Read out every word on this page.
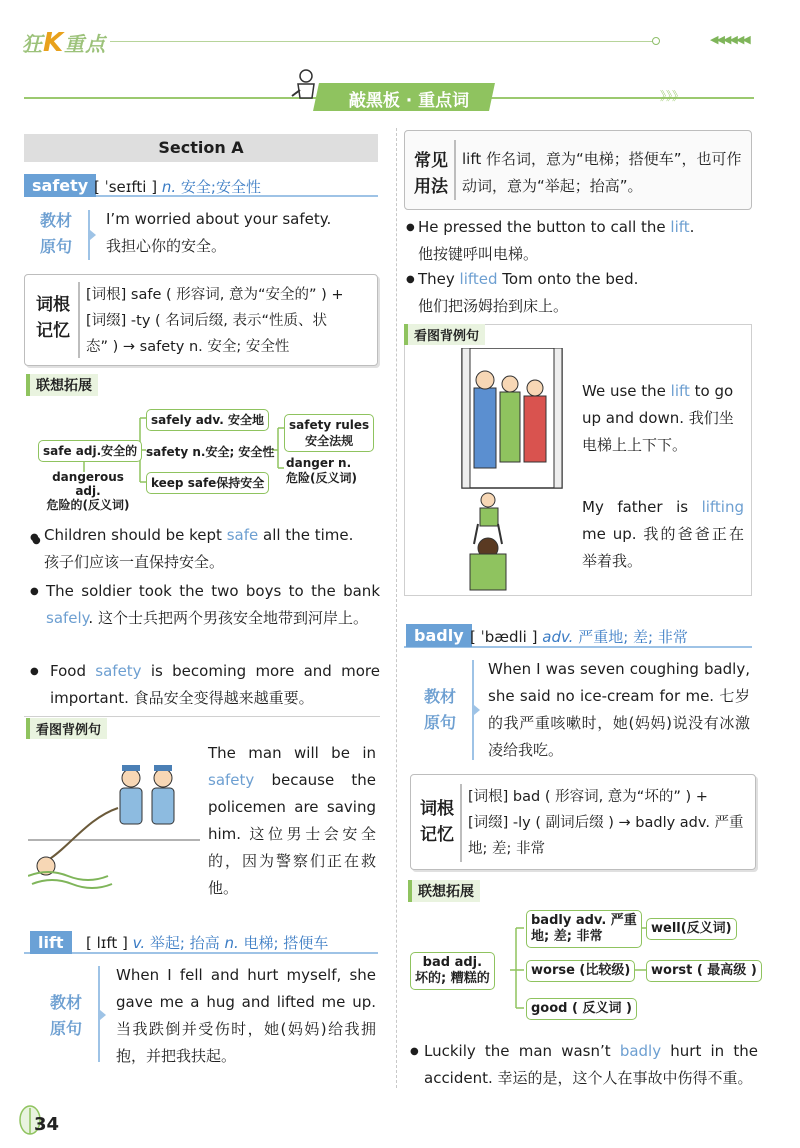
狂K重点	◀◀◀◀◀◀
敲黑板 · 重点词	》》》
Section A
safety [ ˈseɪfti ] n. 安全;安全性
教材
原句
I’m worried about your safety.
我担心你的安全。
词根
记忆
[词根] safe ( 形容词, 意为“安全的” ) +
[词缀] -ty ( 名词后缀, 表示“性质、状
态” ) → safety n. 安全; 安全性
联想拓展
safe adj.安全的
dangerous adj.
危险的(反义词)
safely adv. 安全地
safety n.安全; 安全性
keep safe保持安全
safety rules
安全法规
danger n.
危险(反义词)
Children should be kept safe all the time.
孩子们应该一直保持安全。
●
The soldier took the two boys to the bank safely. 这个士兵把两个男孩安全地带到河岸上。
●
Food safety is becoming more and more important. 食品安全变得越来越重要。
●
看图背例句
The man will be in safety because the policemen are saving him. 这位男士会安全的，因为警察们正在救他。
lift	[ lɪft ] v. 举起; 抬高 n. 电梯; 搭便车
教材
原句
When I fell and hurt myself, she gave me a hug and lifted me up. 当我跌倒并受伤时，她(妈妈)给我拥抱，并把我扶起。
常见
用法
lift 作名词，意为“电梯；搭便车”，也可作动词，意为“举起；抬高”。
● He pressed the button to call the lift.
他按键呼叫电梯。
● They lifted Tom onto the bed.
他们把汤姆抬到床上。
看图背例句
We use the lift to go up and down. 我们坐电梯上上下下。
My father is lifting me up. 我的爸爸正在举着我。
badly [ ˈbædli ] adv. 严重地; 差; 非常
教材
原句
When I was seven coughing badly, she said no ice-cream for me. 七岁的我严重咳嗽时，她(妈妈)说没有冰激凌给我吃。
词根
记忆
[词根] bad ( 形容词, 意为“坏的” ) +
[词缀] -ly ( 副词后缀 ) → badly adv. 严重
地; 差; 非常
联想拓展
bad adj.
坏的; 糟糕的
badly adv. 严重
地; 差; 非常
well(反义词)
worse (比较级)	worst ( 最高级 )
good ( 反义词 )
● Luckily the man wasn’t badly hurt in the accident. 幸运的是，这个人在事故中伤得不重。
34
